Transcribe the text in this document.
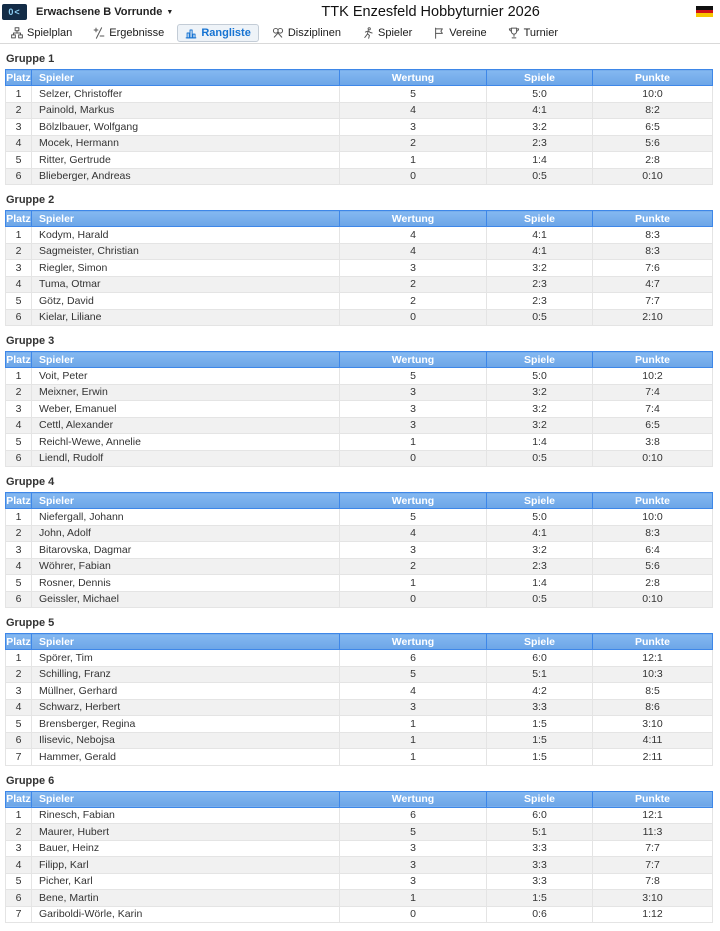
0< Erwachsene B Vorrunde ▼	TTK Enzesfeld Hobbyturnier 2026
Spielplan	Ergebnisse	Rangliste	Disziplinen	Spieler	Vereine	Turnier
Gruppe 1
Platz	Spieler	Wertung	Spiele	Punkte
1	Selzer, Christoffer	5	5:0	10:0
2	Painold, Markus	4	4:1	8:2
3	Bölzlbauer, Wolfgang	3	3:2	6:5
4	Mocek, Hermann	2	2:3	5:6
5	Ritter, Gertrude	1	1:4	2:8
6	Blieberger, Andreas	0	0:5	0:10
Gruppe 2
Platz	Spieler	Wertung	Spiele	Punkte
1	Kodym, Harald	4	4:1	8:3
2	Sagmeister, Christian	4	4:1	8:3
3	Riegler, Simon	3	3:2	7:6
4	Tuma, Otmar	2	2:3	4:7
5	Götz, David	2	2:3	7:7
6	Kielar, Liliane	0	0:5	2:10
Gruppe 3
Platz	Spieler	Wertung	Spiele	Punkte
1	Voit, Peter	5	5:0	10:2
2	Meixner, Erwin	3	3:2	7:4
3	Weber, Emanuel	3	3:2	7:4
4	Cettl, Alexander	3	3:2	6:5
5	Reichl-Wewe, Annelie	1	1:4	3:8
6	Liendl, Rudolf	0	0:5	0:10
Gruppe 4
Platz	Spieler	Wertung	Spiele	Punkte
1	Niefergall, Johann	5	5:0	10:0
2	John, Adolf	4	4:1	8:3
3	Bitarovska, Dagmar	3	3:2	6:4
4	Wöhrer, Fabian	2	2:3	5:6
5	Rosner, Dennis	1	1:4	2:8
6	Geissler, Michael	0	0:5	0:10
Gruppe 5
Platz	Spieler	Wertung	Spiele	Punkte
1	Spörer, Tim	6	6:0	12:1
2	Schilling, Franz	5	5:1	10:3
3	Müllner, Gerhard	4	4:2	8:5
4	Schwarz, Herbert	3	3:3	8:6
5	Brensberger, Regina	1	1:5	3:10
6	Ilisevic, Nebojsa	1	1:5	4:11
7	Hammer, Gerald	1	1:5	2:11
Gruppe 6
Platz	Spieler	Wertung	Spiele	Punkte
1	Rinesch, Fabian	6	6:0	12:1
2	Maurer, Hubert	5	5:1	11:3
3	Bauer, Heinz	3	3:3	7:7
4	Filipp, Karl	3	3:3	7:7
5	Picher, Karl	3	3:3	7:8
6	Bene, Martin	1	1:5	3:10
7	Gariboldi-Wörle, Karin	0	0:6	1:12
